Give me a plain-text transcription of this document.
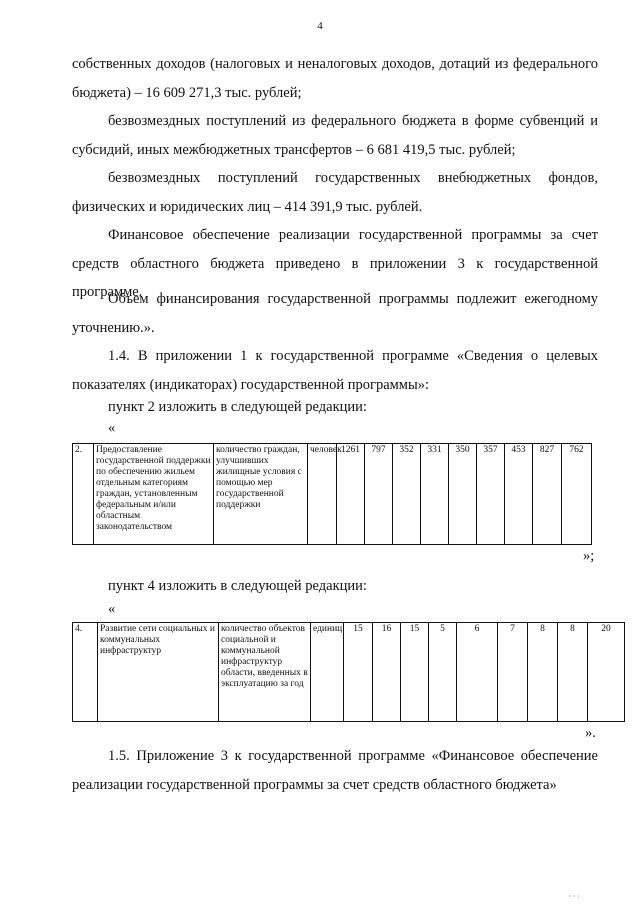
4
собственных доходов (налоговых и неналоговых доходов, дотаций из федерального бюджета) – 16 609 271,3 тыс. рублей;
безвозмездных поступлений из федерального бюджета в форме субвенций и субсидий, иных межбюджетных трансфертов – 6 681 419,5 тыс. рублей;
безвозмездных поступлений государственных внебюджетных фондов, физических и юридических лиц – 414 391,9 тыс. рублей.
Финансовое обеспечение реализации государственной программы за счет средств областного бюджета приведено в приложении 3 к государственной программе.
Объем финансирования государственной программы подлежит ежегодному уточнению.».
1.4. В приложении 1 к государственной программе «Сведения о целевых показателях (индикаторах) государственной программы»:
пункт 2 изложить в следующей редакции:
«
2.	Предоставление государственной поддержки по обеспечению жильем отдельным категориям граждан, установленным федеральным и/или областным законодательством	количество граждан, улучшивших жилищные условия с помощью мер государственной поддержки	человек	1261	797	352	331	350	357	453	827	762
»;
пункт 4 изложить в следующей редакции:
«
4.	Развитие сети социальных и коммунальных инфраструктур	количество объектов социальной и коммунальной инфраструктур области, введенных в эксплуатацию за год	единиц	15	16	15	5	6	7	8	8	20
».
1.5. Приложение 3 к государственной программе «Финансовое обеспечение реализации государственной программы за счет средств областного бюджета»
· · ·
